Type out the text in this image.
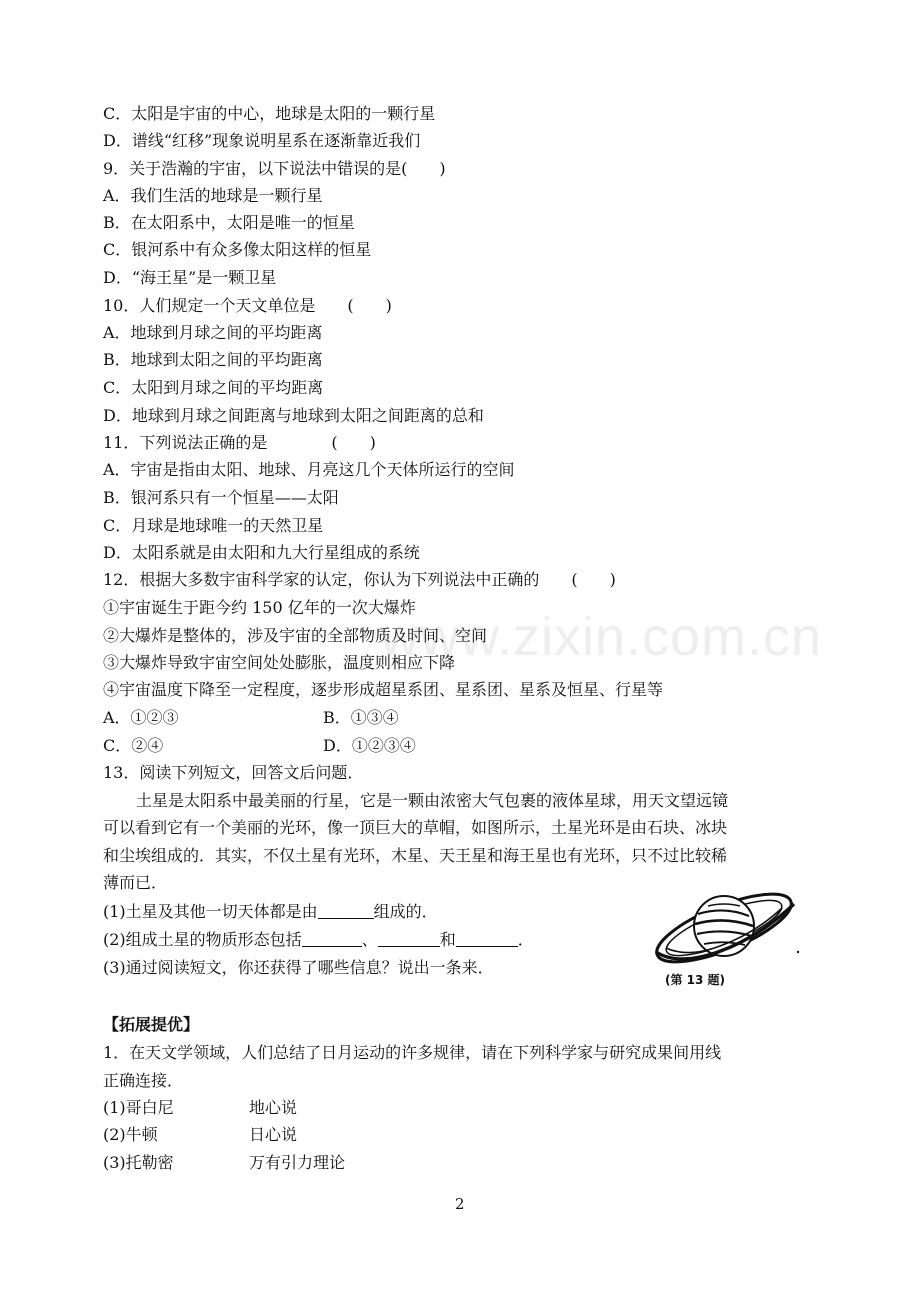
www.zixin.com.cn
C．太阳是宇宙的中心，地球是太阳的一颗行星
D．谱线“红移”现象说明星系在逐渐靠近我们
9．关于浩瀚的宇宙，以下说法中错误的是(　　)
A．我们生活的地球是一颗行星
B．在太阳系中，太阳是唯一的恒星
C．银河系中有众多像太阳这样的恒星
D．“海王星”是一颗卫星
10．人们规定一个天文单位是　　(　　)
A．地球到月球之间的平均距离
B．地球到太阳之间的平均距离
C．太阳到月球之间的平均距离
D．地球到月球之间距离与地球到太阳之间距离的总和
11．下列说法正确的是　　　　(　　)
A．宇宙是指由太阳、地球、月亮这几个天体所运行的空间
B．银河系只有一个恒星——太阳
C．月球是地球唯一的天然卫星
D．太阳系就是由太阳和九大行星组成的系统
12．根据大多数宇宙科学家的认定，你认为下列说法中正确的　　(　　)
①宇宙诞生于距今约 150 亿年的一次大爆炸
②大爆炸是整体的，涉及宇宙的全部物质及时间、空间
③大爆炸导致宇宙空间处处膨胀，温度则相应下降
④宇宙温度下降至一定程度，逐步形成超星系团、星系团、星系及恒星、行星等
A．①②③	B．①③④
C．②④	D．①②③④
13．阅读下列短文，回答文后问题．
土星是太阳系中最美丽的行星，它是一颗由浓密大气包裹的液体星球，用天文望远镜
可以看到它有一个美丽的光环，像一顶巨大的草帽，如图所示，土星光环是由石块、冰块
和尘埃组成的．其实，不仅土星有光环，木星、天王星和海王星也有光环，只不过比较稀
薄而已．
(1)土星及其他一切天体都是由	组成的．
(2)组成土星的物质形态包括	、	和	．
(3)通过阅读短文，你还获得了哪些信息？说出一条来．
(第 13 题)
【拓展提优】
1．在天文学领域，人们总结了日月运动的许多规律，请在下列科学家与研究成果间用线
正确连接．
(1)哥白尼	地心说
(2)牛顿	日心说
(3)托勒密	万有引力理论
2
